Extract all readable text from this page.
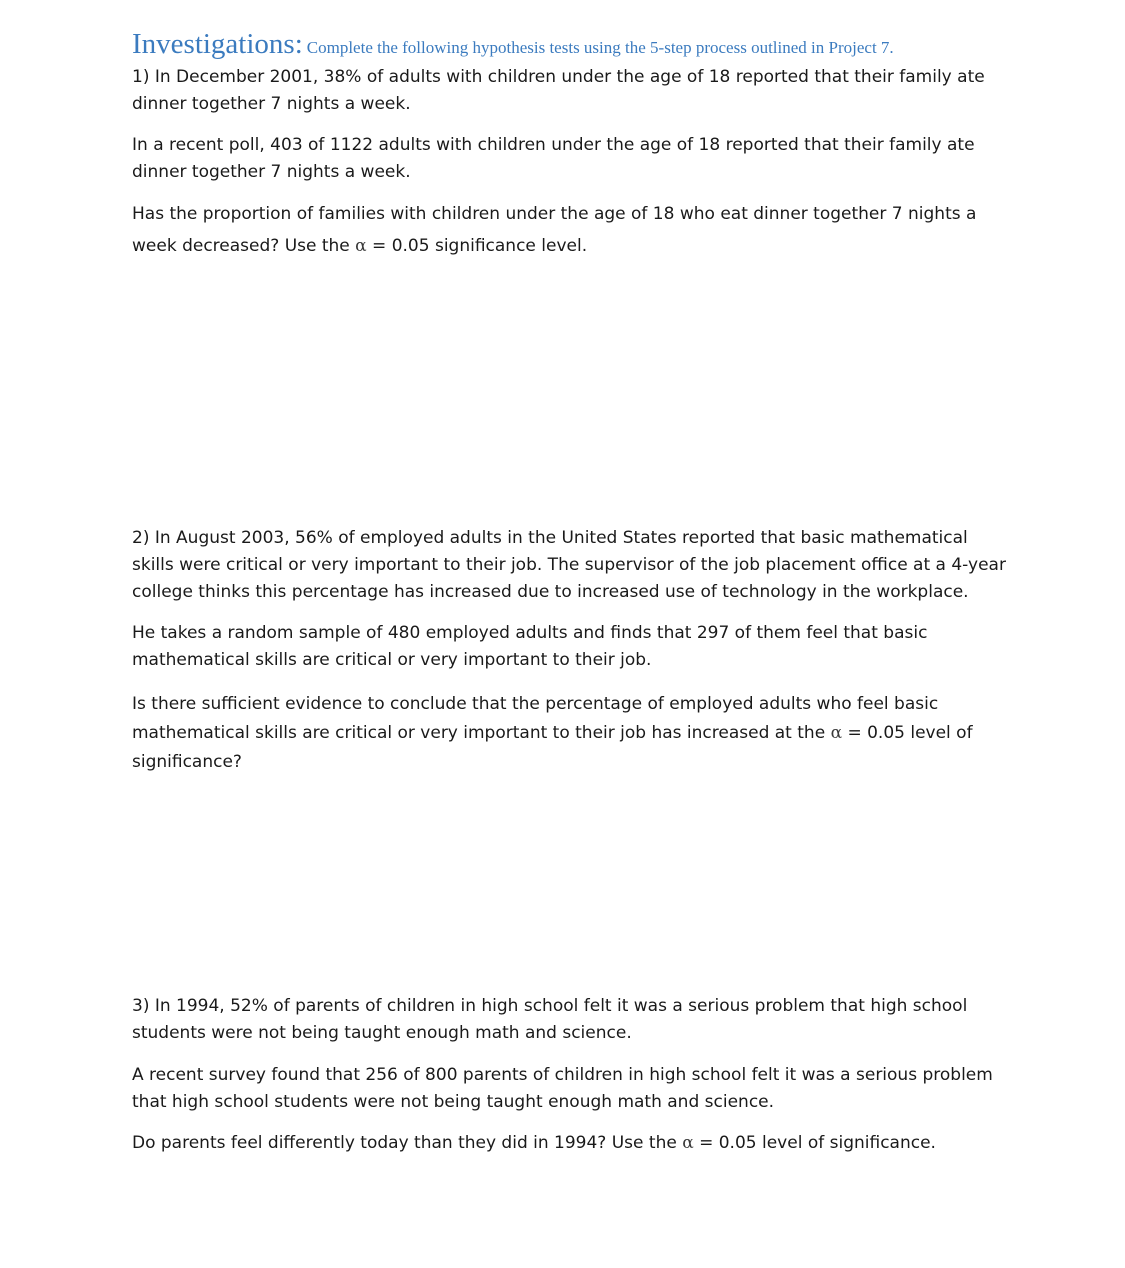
Investigations: Complete the following hypothesis tests using the 5-step process outlined in Project 7.

1) In December 2001, 38% of adults with children under the age of 18 reported that their family ate dinner together 7 nights a week.

In a recent poll, 403 of 1122 adults with children under the age of 18 reported that their family ate dinner together 7 nights a week.

Has the proportion of families with children under the age of 18 who eat dinner together 7 nights a week decreased? Use the α = 0.05 significance level.

2) In August 2003, 56% of employed adults in the United States reported that basic mathematical skills were critical or very important to their job. The supervisor of the job placement office at a 4-year college thinks this percentage has increased due to increased use of technology in the workplace.

He takes a random sample of 480 employed adults and finds that 297 of them feel that basic mathematical skills are critical or very important to their job.

Is there sufficient evidence to conclude that the percentage of employed adults who feel basic mathematical skills are critical or very important to their job has increased at the α = 0.05 level of significance?

3) In 1994, 52% of parents of children in high school felt it was a serious problem that high school students were not being taught enough math and science.

A recent survey found that 256 of 800 parents of children in high school felt it was a serious problem that high school students were not being taught enough math and science.

Do parents feel differently today than they did in 1994? Use the α = 0.05 level of significance.
